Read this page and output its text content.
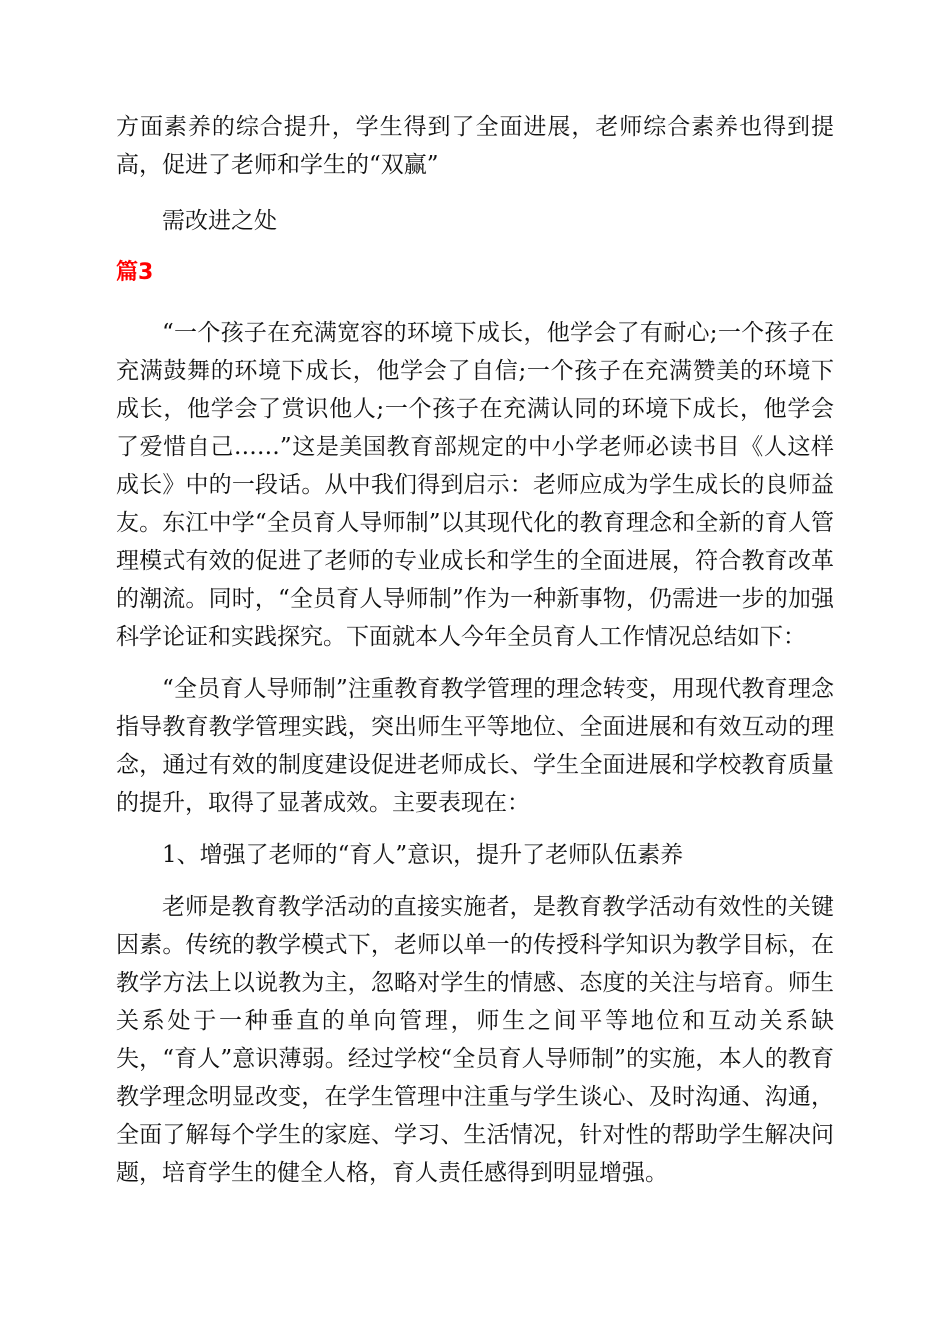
方面素养的综合提升，学生得到了全面进展，老师综合素养也得到提高，促进了老师和学生的“双赢”

需改进之处

篇3

“一个孩子在充满宽容的环境下成长，他学会了有耐心;一个孩子在充满鼓舞的环境下成长，他学会了自信;一个孩子在充满赞美的环境下成长，他学会了赏识他人;一个孩子在充满认同的环境下成长，他学会了爱惜自己……”这是美国教育部规定的中小学老师必读书目《人这样成长》中的一段话。从中我们得到启示：老师应成为学生成长的良师益友。东江中学“全员育人导师制”以其现代化的教育理念和全新的育人管理模式有效的促进了老师的专业成长和学生的全面进展，符合教育改革的潮流。同时，“全员育人导师制”作为一种新事物，仍需进一步的加强科学论证和实践探究。下面就本人今年全员育人工作情况总结如下：

“全员育人导师制”注重教育教学管理的理念转变，用现代教育理念指导教育教学管理实践，突出师生平等地位、全面进展和有效互动的理念，通过有效的制度建设促进老师成长、学生全面进展和学校教育质量的提升，取得了显著成效。主要表现在：

1、增强了老师的“育人”意识，提升了老师队伍素养

老师是教育教学活动的直接实施者，是教育教学活动有效性的关键因素。传统的教学模式下，老师以单一的传授科学知识为教学目标，在教学方法上以说教为主，忽略对学生的情感、态度的关注与培育。师生关系处于一种垂直的单向管理，师生之间平等地位和互动关系缺失，“育人”意识薄弱。经过学校“全员育人导师制”的实施，本人的教育教学理念明显改变，在学生管理中注重与学生谈心、及时沟通、沟通，全面了解每个学生的家庭、学习、生活情况，针对性的帮助学生解决问题，培育学生的健全人格，育人责任感得到明显增强。
